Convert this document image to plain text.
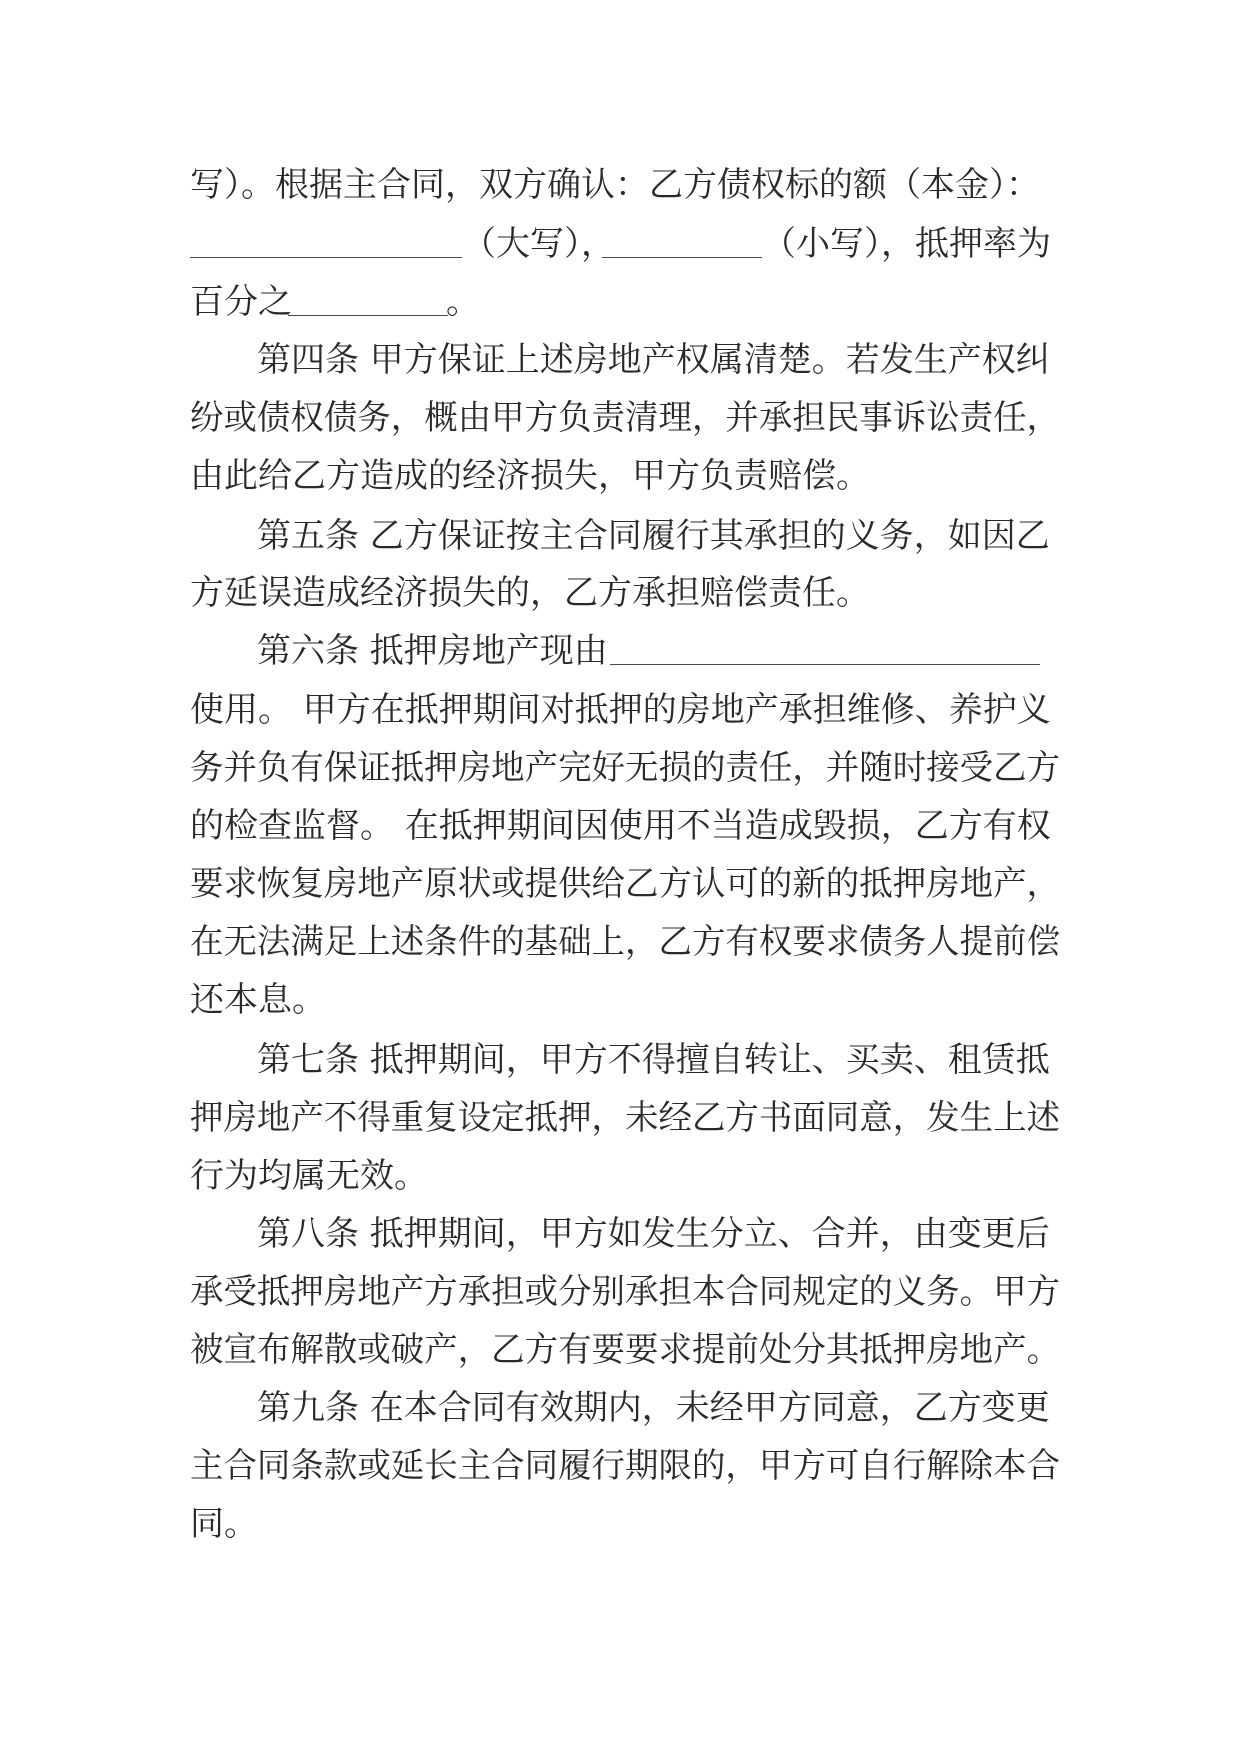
写）。根据主合同，双方确认：乙方债权标的额（本金）：
（大写），	（小写），抵押率为
百分之	。
第四条 甲方保证上述房地产权属清楚。若发生产权纠
纷或债权债务，概由甲方负责清理，并承担民事诉讼责任，
由此给乙方造成的经济损失，甲方负责赔偿。
第五条 乙方保证按主合同履行其承担的义务，如因乙
方延误造成经济损失的，乙方承担赔偿责任。
第六条 抵押房地产现由
使用。 甲方在抵押期间对抵押的房地产承担维修、养护义
务并负有保证抵押房地产完好无损的责任，并随时接受乙方
的检查监督。 在抵押期间因使用不当造成毁损，乙方有权
要求恢复房地产原状或提供给乙方认可的新的抵押房地产，
在无法满足上述条件的基础上，乙方有权要求债务人提前偿
还本息。
第七条 抵押期间，甲方不得擅自转让、买卖、租赁抵
押房地产不得重复设定抵押，未经乙方书面同意，发生上述
行为均属无效。
第八条 抵押期间，甲方如发生分立、合并，由变更后
承受抵押房地产方承担或分别承担本合同规定的义务。甲方
被宣布解散或破产，乙方有要要求提前处分其抵押房地产。
第九条 在本合同有效期内，未经甲方同意，乙方变更
主合同条款或延长主合同履行期限的，甲方可自行解除本合
同。
